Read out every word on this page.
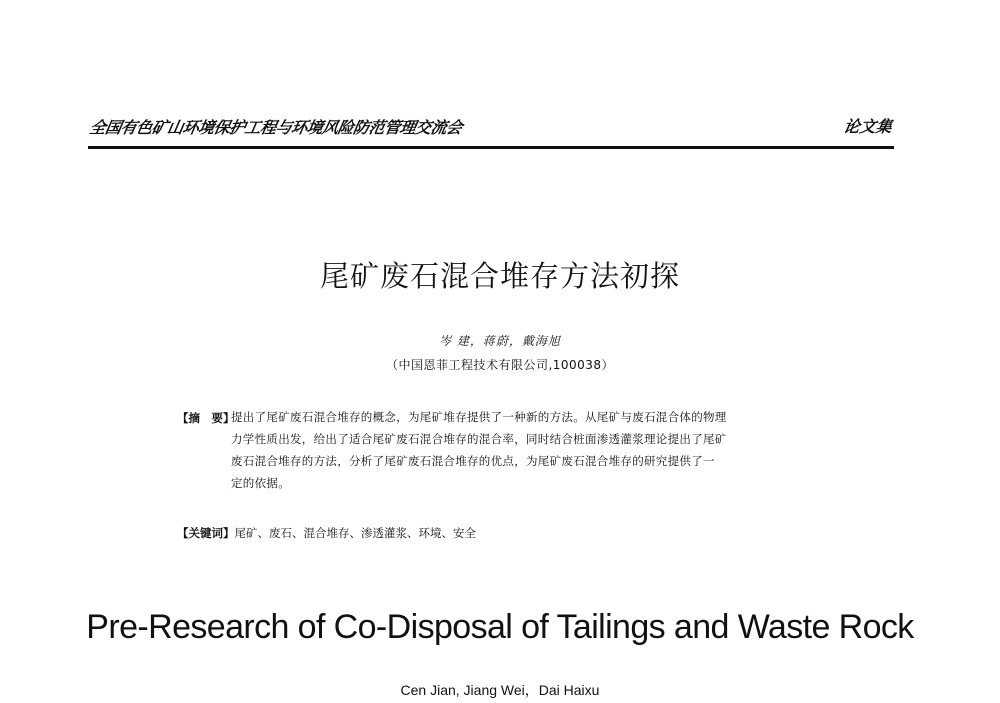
全国有色矿山环境保护工程与环境风险防范管理交流会	论文集
尾矿废石混合堆存方法初探
岑 建，蒋蔚，戴海旭
（中国恩菲工程技术有限公司,100038）
【摘　要】
提出了尾矿废石混合堆存的概念，为尾矿堆存提供了一种新的方法。从尾矿与废石混合体的物理
力学性质出发，给出了适合尾矿废石混合堆存的混合率，同时结合桩面渗透灌浆理论提出了尾矿
废石混合堆存的方法，分析了尾矿废石混合堆存的优点，为尾矿废石混合堆存的研究提供了一
定的依据。
【关键词】尾矿、废石、混合堆存、渗透灌浆、环境、安全
Pre-Research of Co-Disposal of Tailings and Waste Rock
Cen Jian, Jiang Wei，Dai Haixu
